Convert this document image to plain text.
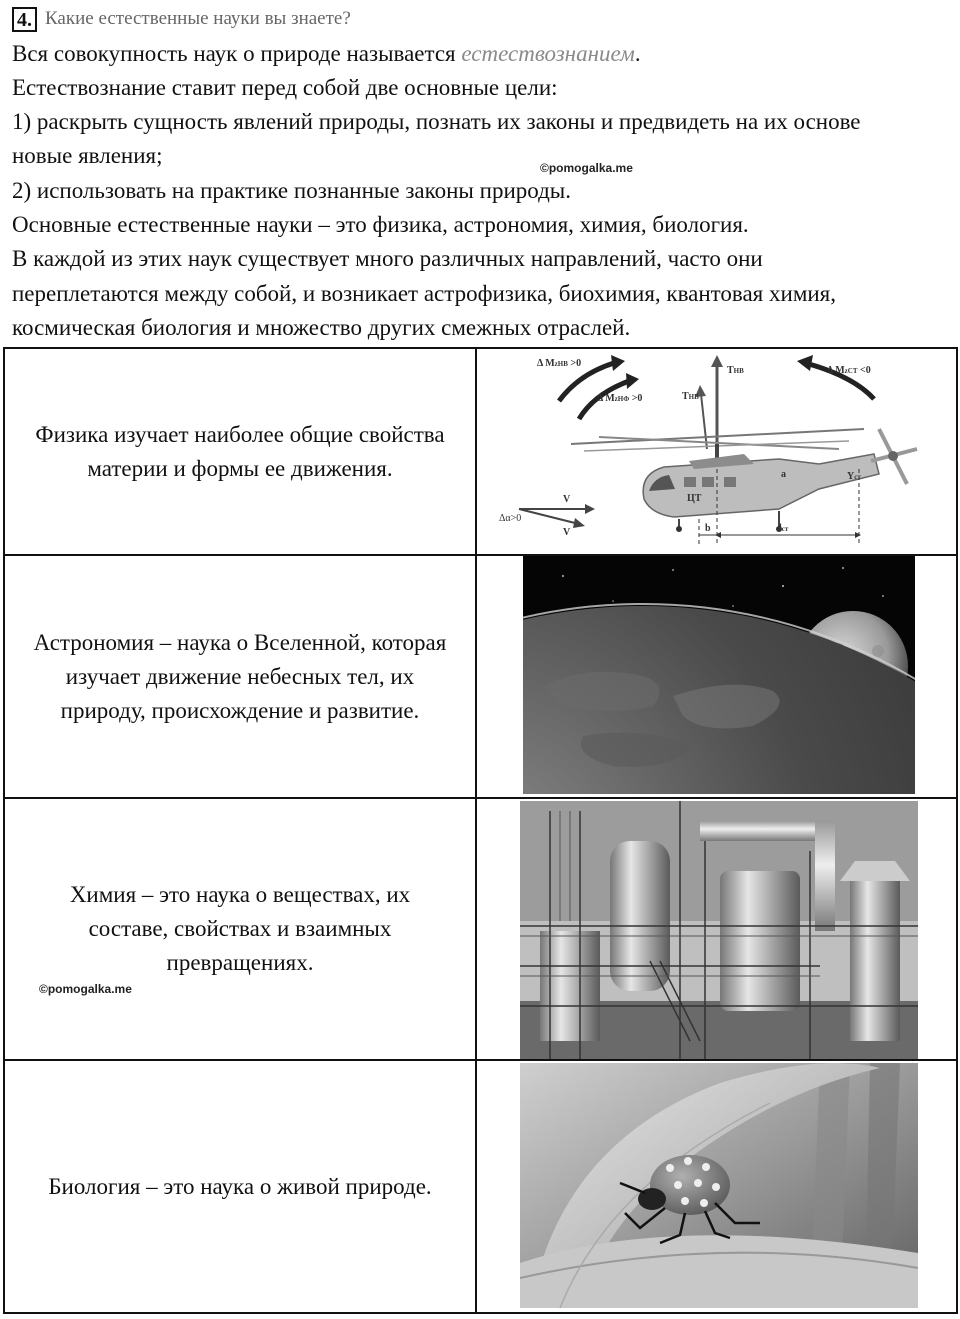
4. Какие естественные науки вы знаете?
Вся совокупность наук о природе называется естествознанием.
Естествознание ставит перед собой две основные цели:
1) раскрыть сущность явлений природы, познать их законы и предвидеть на их основе
новые явления;	©pomogalka.me
2) использовать на практике познанные законы природы.
Основные естественные науки – это физика, астрономия, химия, биология.
В каждой из этих наук существует много различных направлений, часто они
переплетаются между собой, и возникает астрофизика, биохимия, квантовая химия,
космическая биология и множество других смежных отраслей.
Физика изучает наиболее общие свойства
материи и формы ее движения.
Δ MzHB >0
Δ MzHФ >0
Δ MzCT <0
THB
THB
V
V
Δα>0
ЦТ
a	Yст
b	lст
Астрономия – наука о Вселенной, которая
изучает движение небесных тел, их
природу, происхождение и развитие.
Химия – это наука о веществах, их
составе, свойствах и взаимных
превращениях.
©pomogalka.me
Биология – это наука о живой природе.
